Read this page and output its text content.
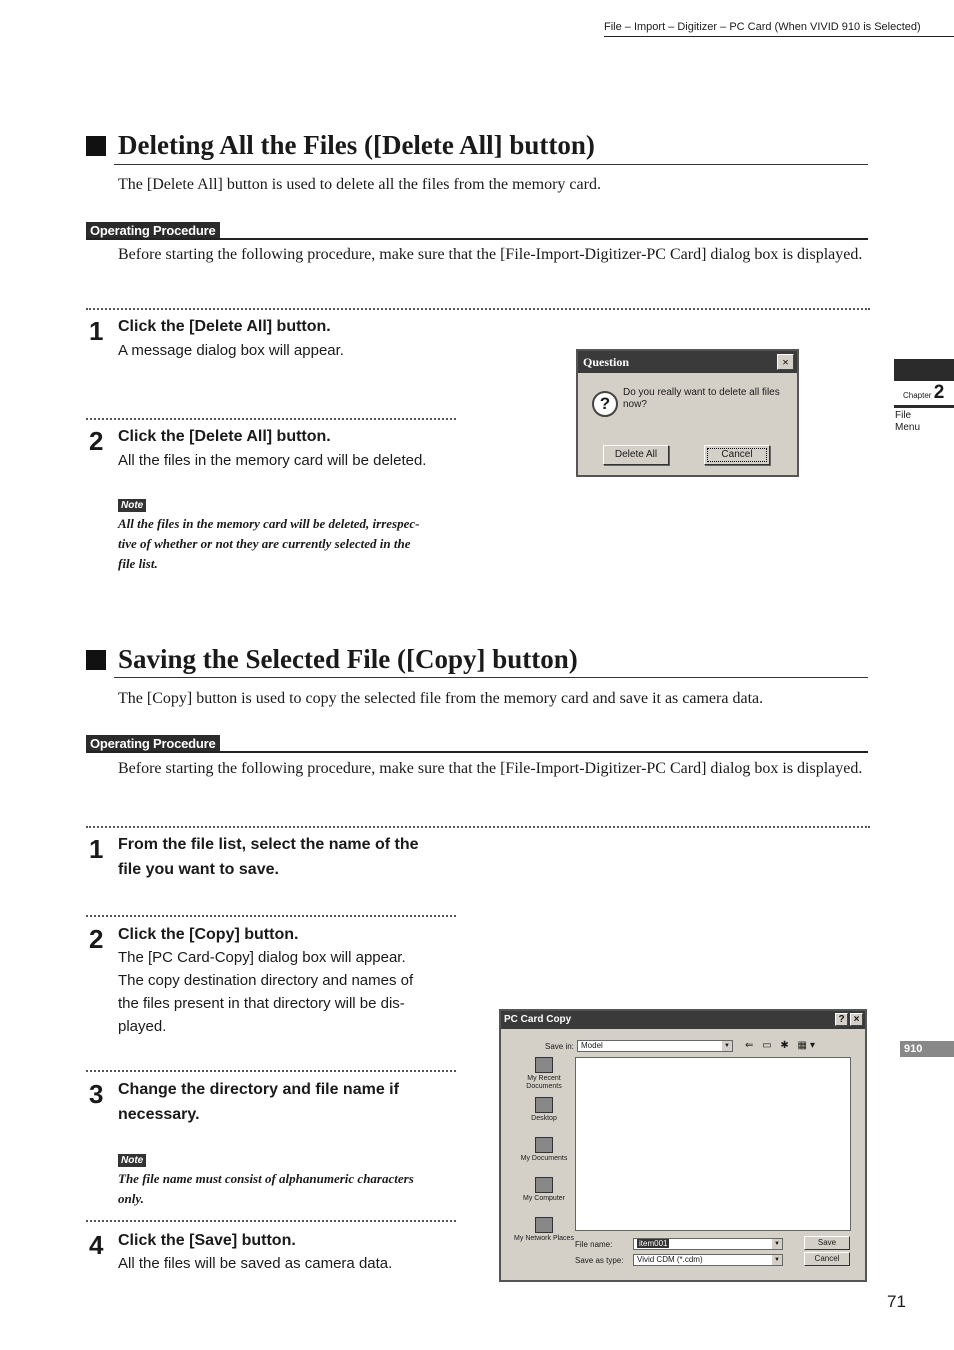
File – Import – Digitizer – PC Card (When VIVID 910 is Selected)
Chapter 2
File
Menu
910
Deleting All the Files ([Delete All] button)
The [Delete All] button is used to delete all the files from the memory card.
Operating Procedure
Before starting the following procedure, make sure that the [File-Import-Digitizer-PC Card] dialog box is displayed.
1 Click the [Delete All] button.
A message dialog box will appear.
2 Click the [Delete All] button.
All the files in the memory card will be deleted.
Note
All the files in the memory card will be deleted, irrespec-
tive of whether or not they are currently selected in the
file list.
Question	×
?
Do you really want to delete all files now?
Delete All	Cancel
Saving the Selected File ([Copy] button)
The [Copy] button is used to copy the selected file from the memory card and save it as camera data.
Operating Procedure
Before starting the following procedure, make sure that the [File-Import-Digitizer-PC Card] dialog box is displayed.
1 From the file list, select the name of the
file you want to save.
2 Click the [Copy] button.
The [PC Card-Copy] dialog box will appear.
The copy destination directory and names of
the files present in that directory will be dis-
played.
3 Change the directory and file name if
necessary.
Note
The file name must consist of alphanumeric characters
only.
4 Click the [Save] button.
All the files will be saved as camera data.
PC Card Copy	? ×
Save in: Model	▼ ⇐ ▭ ✱ ▦▾
My Recent Documents
Desktop
My Documents
My Computer
My Network Places
File name:	item001	▼
Save as type:	Vivid CDM (*.cdm)	▼
Save
Cancel
71
